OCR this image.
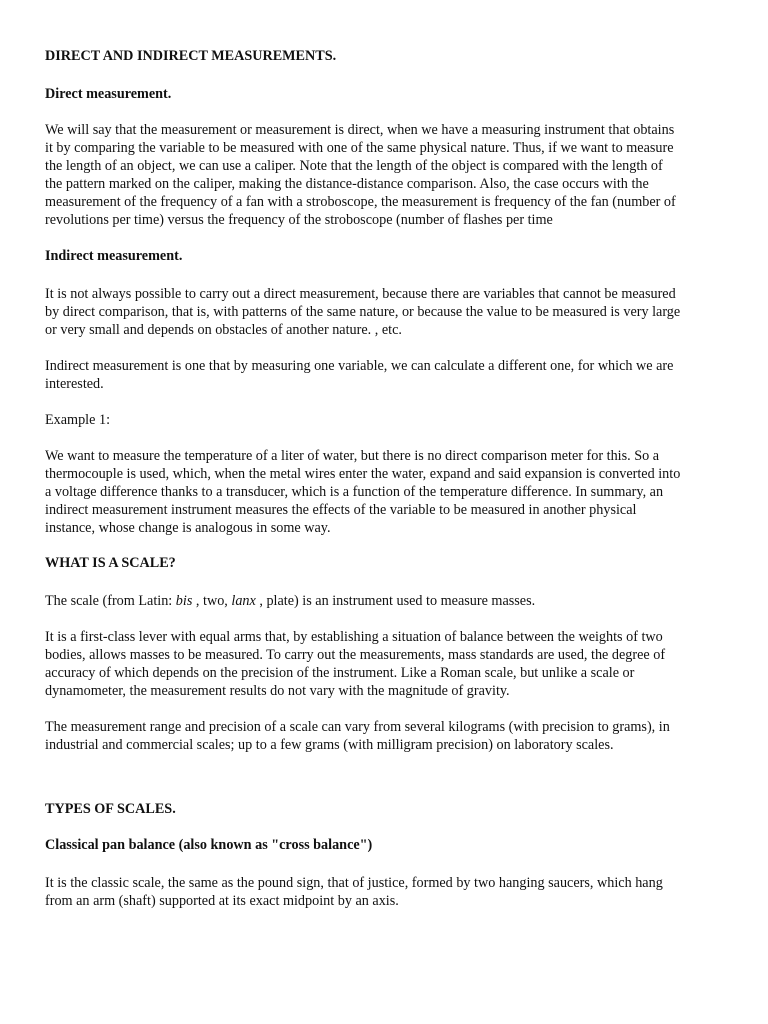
DIRECT AND INDIRECT MEASUREMENTS.
Direct measurement.
We will say that the measurement or measurement is direct, when we have a measuring instrument that obtains
it by comparing the variable to be measured with one of the same physical nature. Thus, if we want to measure
the length of an object, we can use a caliper. Note that the length of the object is compared with the length of
the pattern marked on the caliper, making the distance-distance comparison. Also, the case occurs with the
measurement of the frequency of a fan with a stroboscope, the measurement is frequency of the fan (number of
revolutions per time) versus the frequency of the stroboscope (number of flashes per time
Indirect measurement.
It is not always possible to carry out a direct measurement, because there are variables that cannot be measured
by direct comparison, that is, with patterns of the same nature, or because the value to be measured is very large
or very small and depends on obstacles of another nature. , etc.
Indirect measurement is one that by measuring one variable, we can calculate a different one, for which we are
interested.
Example 1:
We want to measure the temperature of a liter of water, but there is no direct comparison meter for this. So a
thermocouple is used, which, when the metal wires enter the water, expand and said expansion is converted into
a voltage difference thanks to a transducer, which is a function of the temperature difference. In summary, an
indirect measurement instrument measures the effects of the variable to be measured in another physical
instance, whose change is analogous in some way.
WHAT IS A SCALE?
The scale (from Latin: bis , two, lanx , plate) is an instrument used to measure masses.
It is a first-class lever with equal arms that, by establishing a situation of balance between the weights of two
bodies, allows masses to be measured. To carry out the measurements, mass standards are used, the degree of
accuracy of which depends on the precision of the instrument. Like a Roman scale, but unlike a scale or
dynamometer, the measurement results do not vary with the magnitude of gravity.
The measurement range and precision of a scale can vary from several kilograms (with precision to grams), in
industrial and commercial scales; up to a few grams (with milligram precision) on laboratory scales.
TYPES OF SCALES.
Classical pan balance (also known as "cross balance")
It is the classic scale, the same as the pound sign, that of justice, formed by two hanging saucers, which hang
from an arm (shaft) supported at its exact midpoint by an axis.
